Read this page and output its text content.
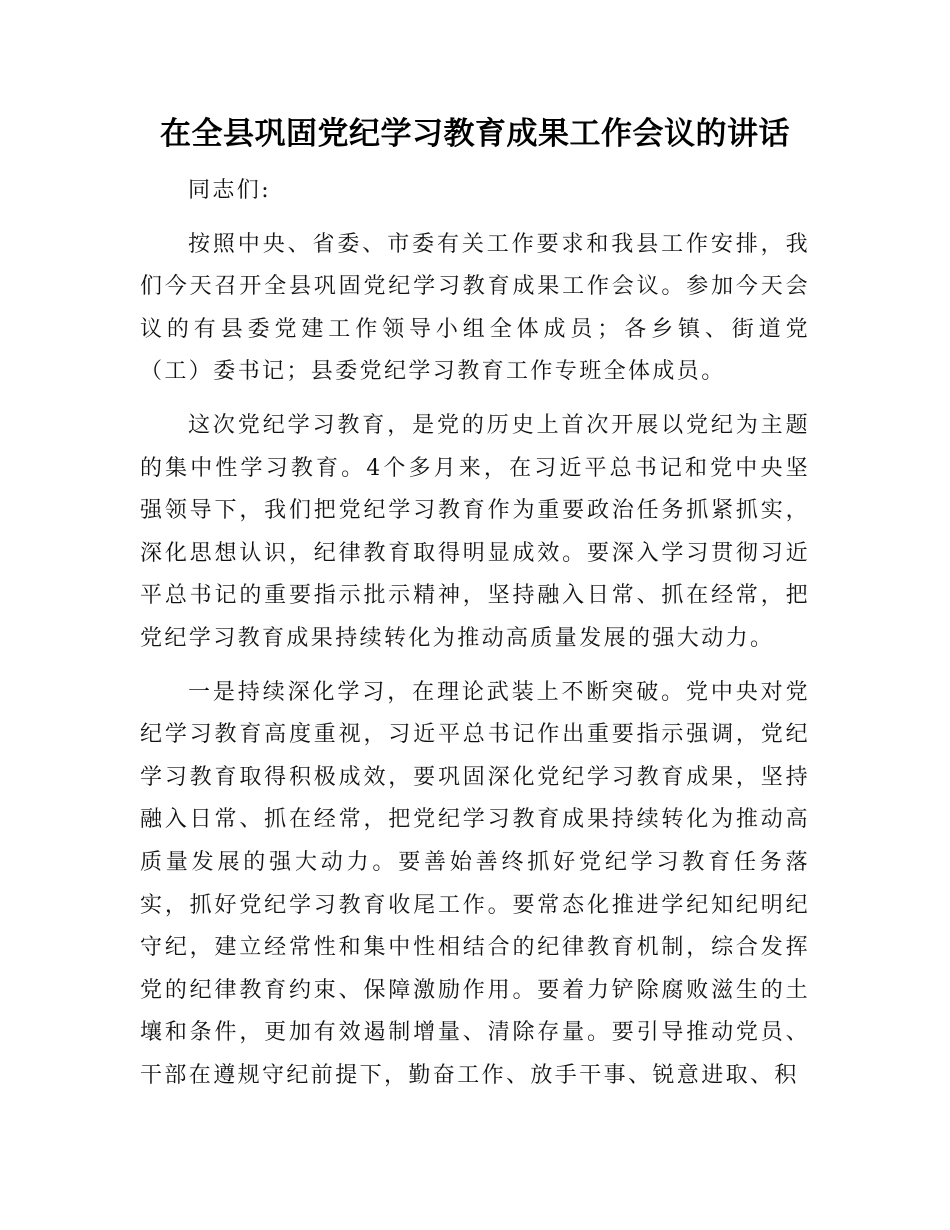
在全县巩固党纪学习教育成果工作会议的讲话

同志们:

按照中央、省委、市委有关工作要求和我县工作安排，我们今天召开全县巩固党纪学习教育成果工作会议。参加今天会议的有县委党建工作领导小组全体成员；各乡镇、街道党（工）委书记；县委党纪学习教育工作专班全体成员。

这次党纪学习教育，是党的历史上首次开展以党纪为主题的集中性学习教育。4个多月来，在习近平总书记和党中央坚强领导下，我们把党纪学习教育作为重要政治任务抓紧抓实，深化思想认识，纪律教育取得明显成效。要深入学习贯彻习近平总书记的重要指示批示精神，坚持融入日常、抓在经常，把党纪学习教育成果持续转化为推动高质量发展的强大动力。

一是持续深化学习，在理论武装上不断突破。党中央对党纪学习教育高度重视，习近平总书记作出重要指示强调，党纪学习教育取得积极成效，要巩固深化党纪学习教育成果，坚持融入日常、抓在经常，把党纪学习教育成果持续转化为推动高质量发展的强大动力。要善始善终抓好党纪学习教育任务落实，抓好党纪学习教育收尾工作。要常态化推进学纪知纪明纪守纪，建立经常性和集中性相结合的纪律教育机制，综合发挥党的纪律教育约束、保障激励作用。要着力铲除腐败滋生的土壤和条件，更加有效遏制增量、清除存量。要引导推动党员、干部在遵规守纪前提下，勤奋工作、放手干事、锐意进取、积
